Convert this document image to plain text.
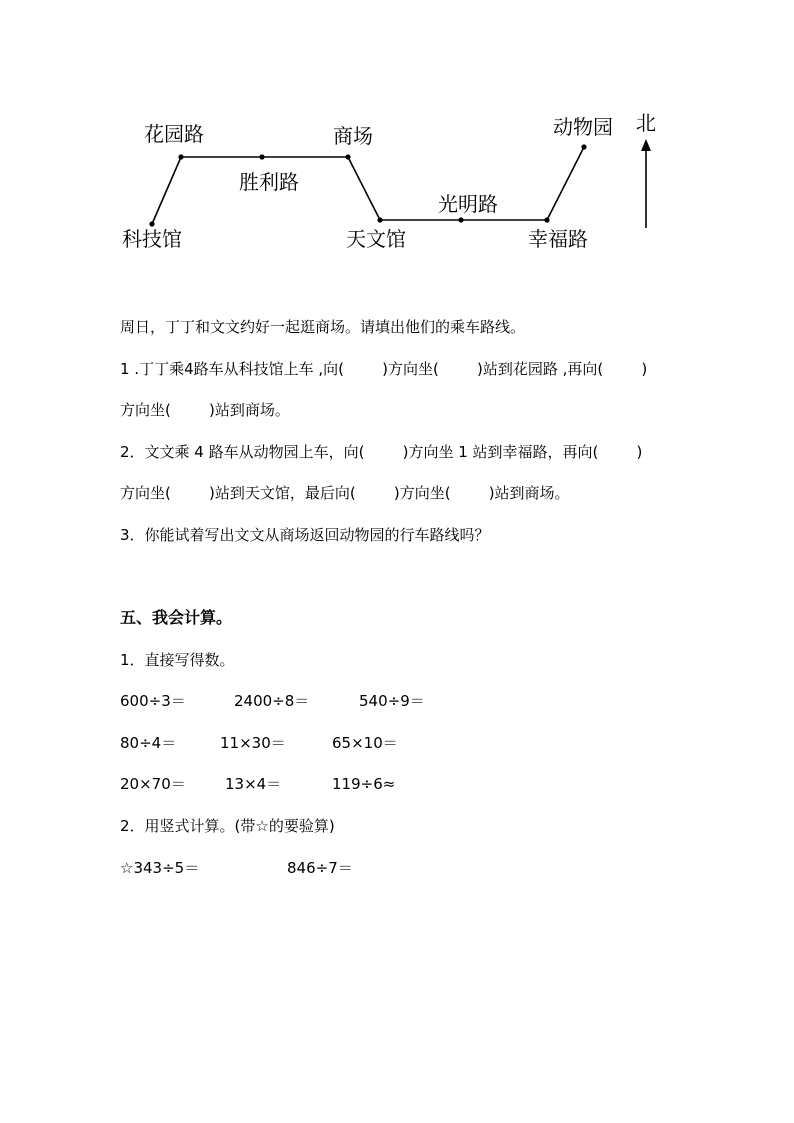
花园路	商场
胜利路
科技馆	天文馆
光明路
幸福路
动物园 北
周日，丁丁和文文约好一起逛商场。请填出他们的乘车路线。
1 .丁丁乘4路车从科技馆上车 ,向(        )方向坐(        )站到花园路 ,再向(        )
方向坐(        )站到商场。
2．文文乘 4 路车从动物园上车，向(        )方向坐 1 站到幸福路，再向(        )
方向坐(        )站到天文馆，最后向(        )方向坐(        )站到商场。
3．你能试着写出文文从商场返回动物园的行车路线吗？
五、我会计算。
1．直接写得数。
600÷3＝	2400÷8＝	540÷9＝
80÷4＝	11×30＝	65×10＝
20×70＝	13×4＝	119÷6≈
2．用竖式计算。(带☆的要验算)
☆343÷5＝	846÷7＝
